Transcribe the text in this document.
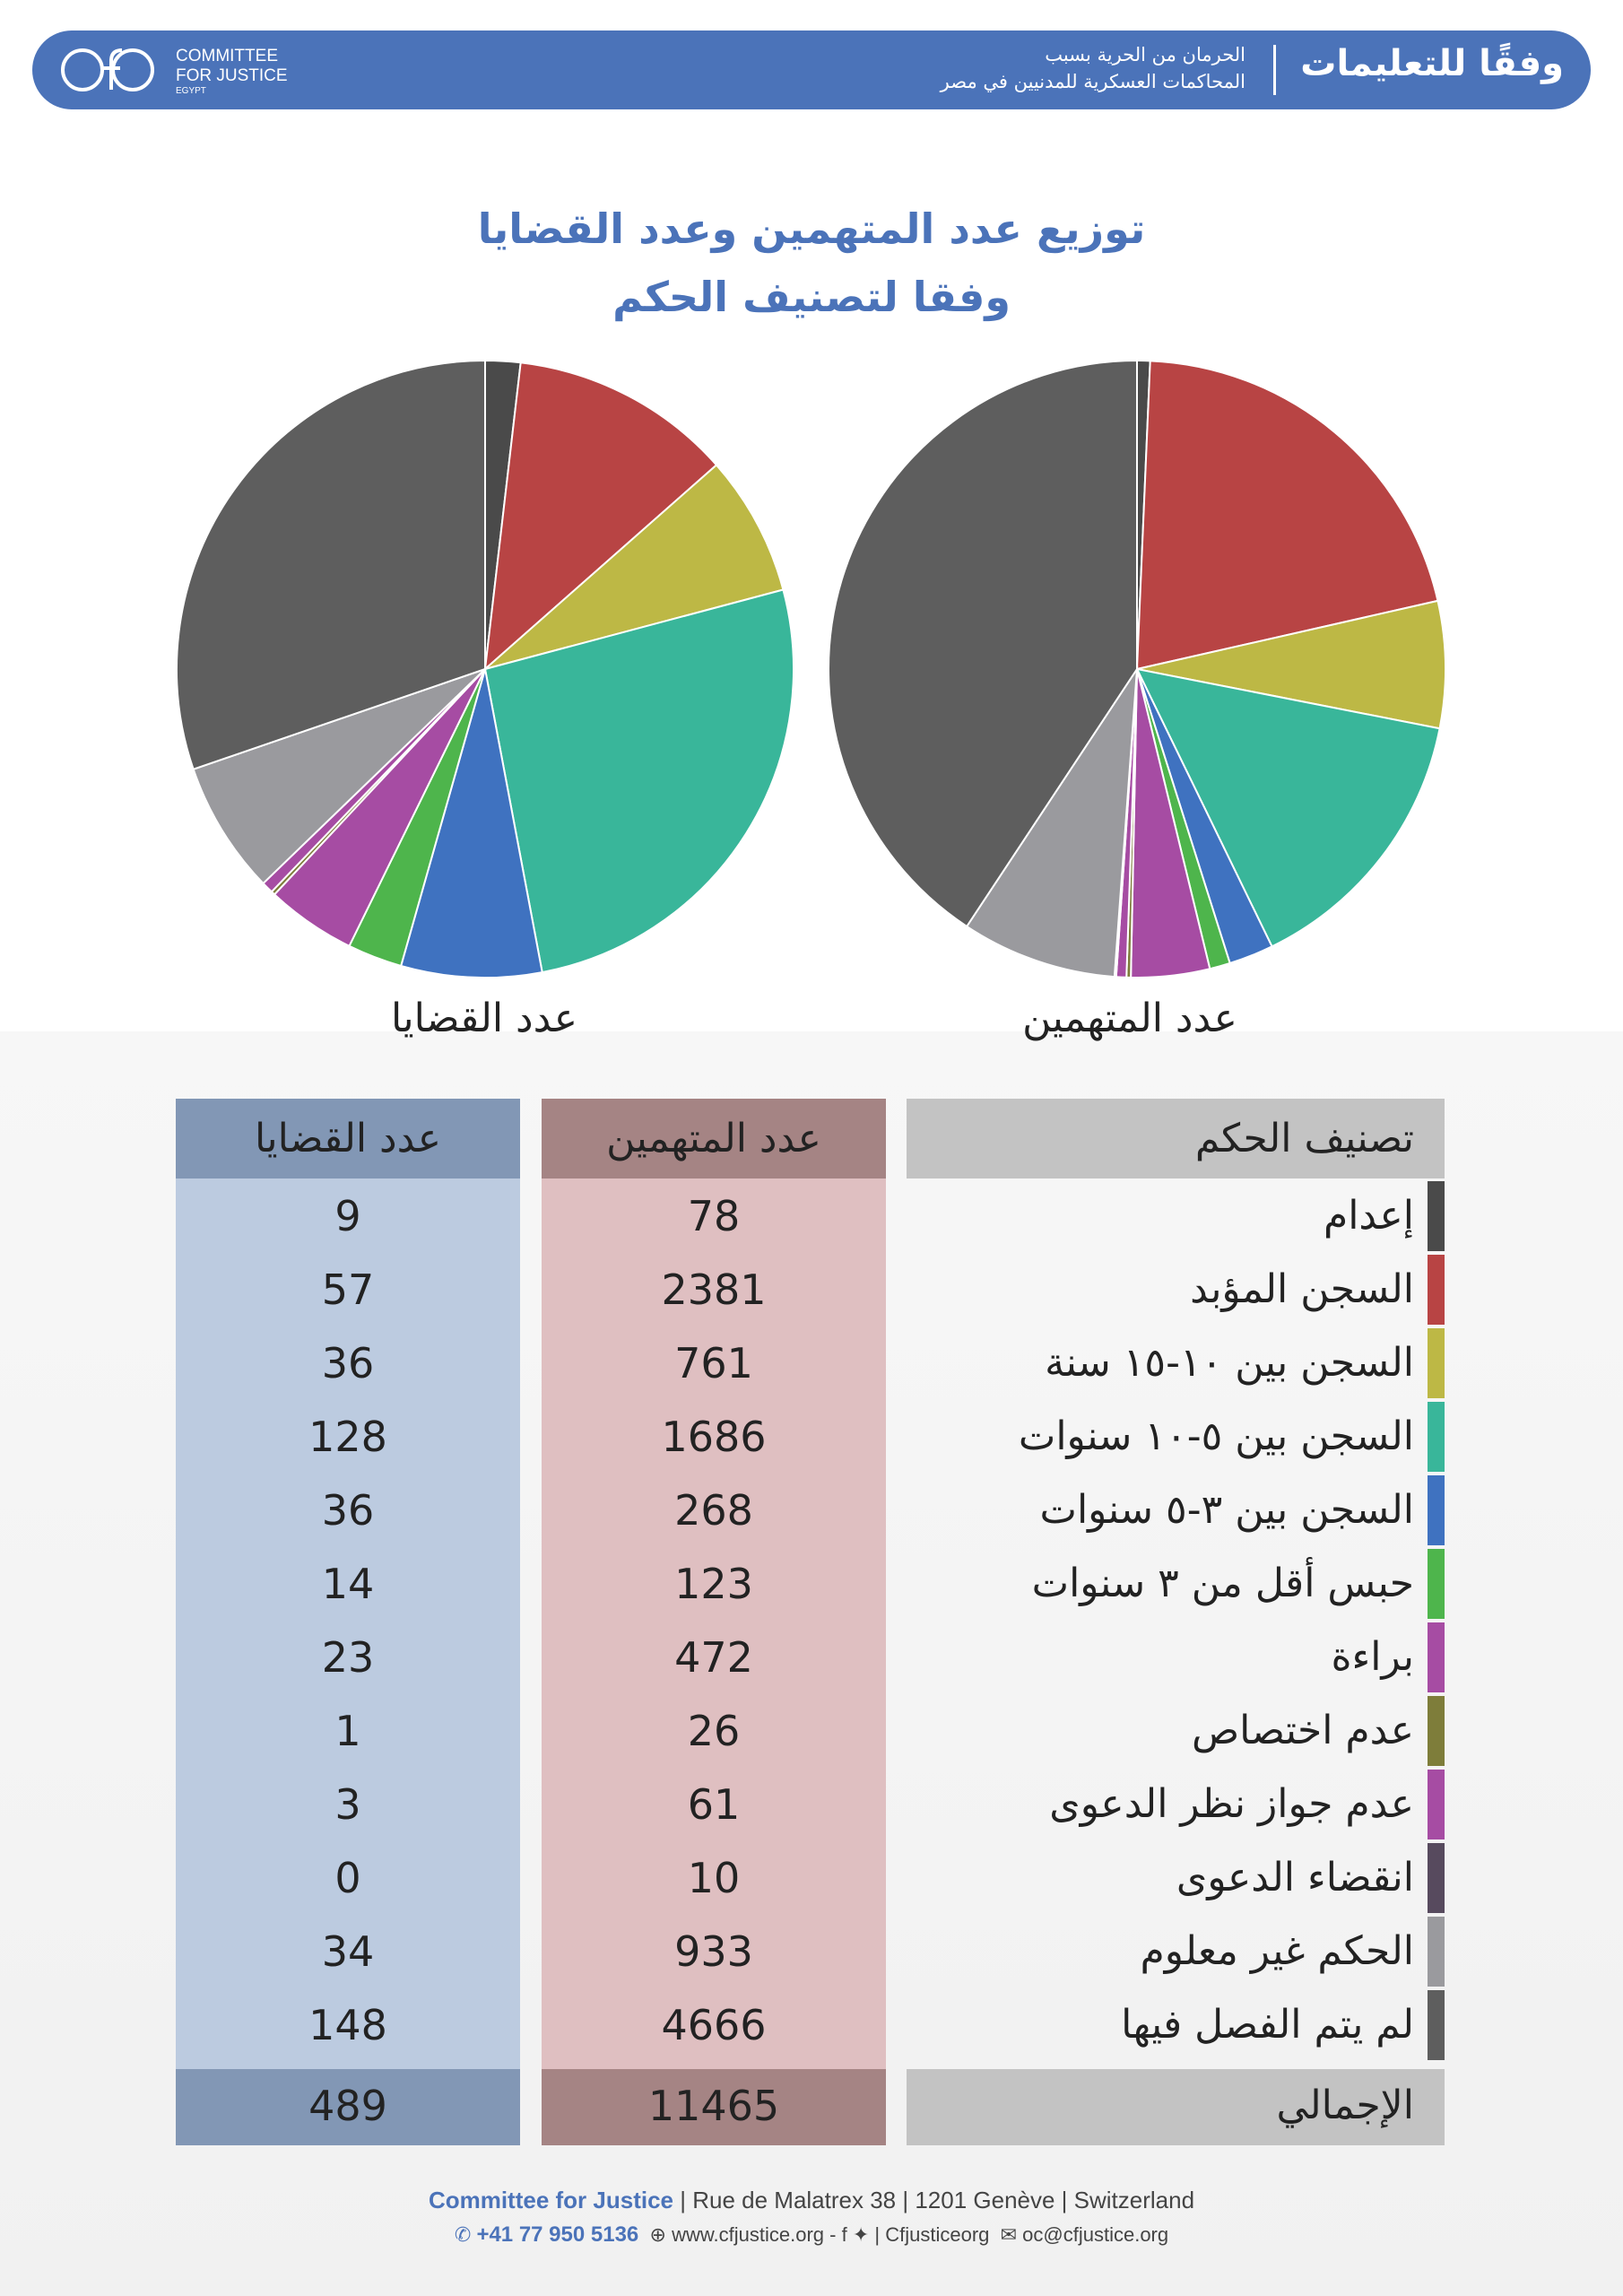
COMMITTEE
FOR JUSTICE
EGYPT
الحرمان من الحرية بسبب
المحاكمات العسكرية للمدنيين في مصر وفقًا للتعليمات
توزيع عدد المتهمين وعدد القضايا
وفقا لتصنيف الحكم
عدد المتهمين
عدد القضايا
عدد القضايا
9
57
36
128
36
14
23
1
3
0
34
148
489
عدد المتهمين
78
2381
761
1686
268
123
472
26
61
10
933
4666
11465
تصنيف الحكم
إعدام
السجن المؤبد
السجن بين ١٠-١٥ سنة
السجن بين ٥-١٠ سنوات
السجن بين ٣-٥ سنوات
حبس أقل من ٣ سنوات
براءة
عدم اختصاص
عدم جواز نظر الدعوى
انقضاء الدعوى
الحكم غير معلوم
لم يتم الفصل فيها
الإجمالي
Committee for Justice | Rue de Malatrex 38 | 1201 Genève | Switzerland
✆ +41 77 950 5136 ⊕ www.cfjustice.org - f ✦ | Cfjusticeorg ✉ oc@cfjustice.org
